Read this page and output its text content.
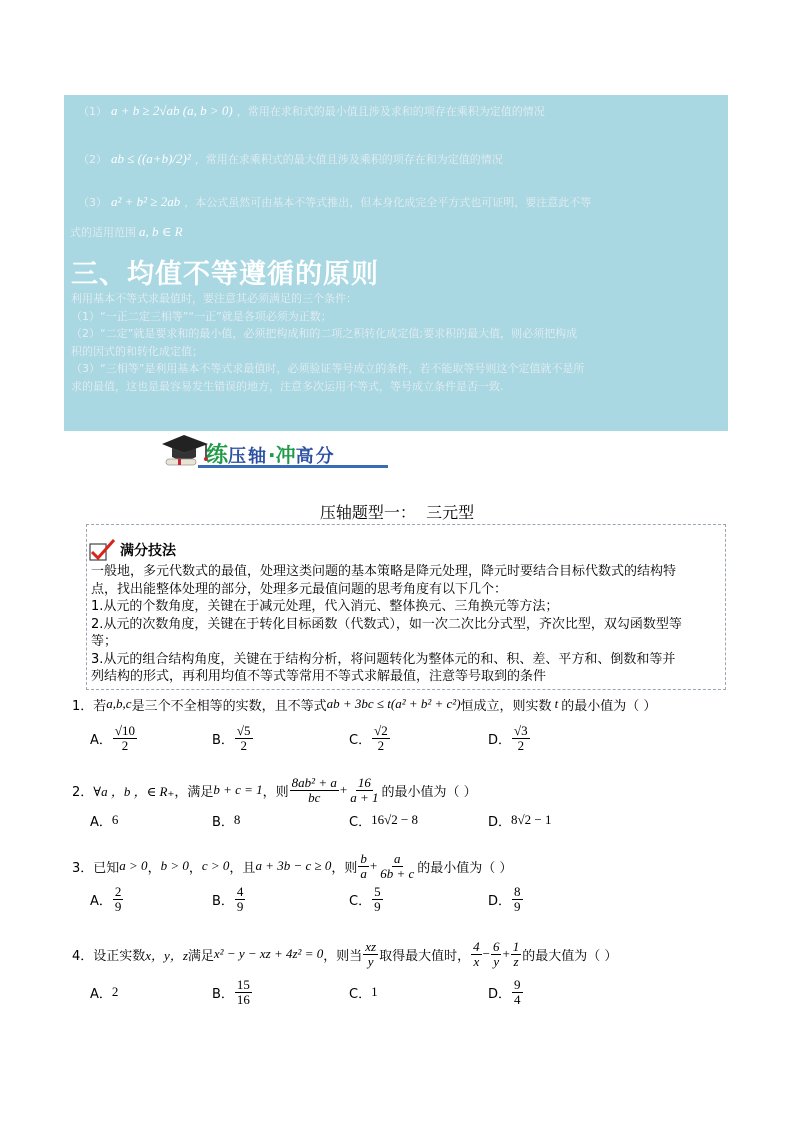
（1） a + b ≥ 2√ab (a, b > 0) ，常用在求和式的最小值且涉及求和的项存在乘积为定值的情况
（2） ab ≤ ((a+b)/2)² ，常用在求乘积式的最大值且涉及乘积的项存在和为定值的情况
（3） a² + b² ≥ 2ab ，本公式虽然可由基本不等式推出，但本身化成完全平方式也可证明，要注意此不等
式的适用范围 a, b ∈ R
三、均值不等遵循的原则
利用基本不等式求最值时，要注意其必须满足的三个条件：
（1）“一正二定三相等”“一正”就是各项必须为正数；
（2）“二定”就是要求和的最小值，必须把构成和的二项之积转化成定值;要求积的最大值，则必须把构成
积的因式的和转化成定值；
（3）“三相等”是利用基本不等式求最值时，必须验证等号成立的条件，若不能取等号则这个定值就不是所
求的最值，这也是最容易发生错误的地方，注意多次运用不等式，等号成立条件是否一致.
练压轴·冲高分
压轴题型一：  三元型
满分技法
一般地，多元代数式的最值，处理这类问题的基本策略是降元处理，降元时要结合目标代数式的结构特
点，找出能整体处理的部分，处理多元最值问题的思考角度有以下几个：
1.从元的个数角度，关键在于减元处理，代入消元、整体换元、三角换元等方法；
2.从元的次数角度，关键在于转化目标函数（代数式），如一次二次比分式型，齐次比型，双勾函数型等
等；
3.从元的组合结构角度，关键在于结构分析，将问题转化为整体元的和、积、差、平方和、倒数和等并
列结构的形式，再利用均值不等式等常用不等式求解最值，注意等号取到的条件
1．若 a,b,c 是三个不全相等的实数，且不等式 ab + 3bc ≤ t(a² + b² + c²) 恒成立，则实数 t 的最小值为（ ）
A． $\frac{√10}{2}$	B． $\frac{√5}{2}$	C． $\frac{√2}{2}$	D． $\frac{√3}{2}$
2． ∀a ，b ，∈ R₊ ，满足 b + c = 1 ，则 $\frac{\text{8ab² + a}}{bc} + \frac{16}{a + 1}$ 的最小值为（ ）
A． 6	B． 8	C． 16√2 − 8	D． 8√2 − 1
3．已知 a > 0 ， b > 0 ， c > 0 ，且 a + 3b − c ≥ 0 ，则 $\frac{b}{a} + \frac{a}{6b + c}$ 的最小值为（ ）
A． $\frac{2}{9}$	B． $\frac{4}{9}$	C． $\frac{5}{9}$	D． $\frac{8}{9}$
4．设正实数 x，y，z 满足 x² − y − xz + 4z² = 0 ，则当 $\frac{xz}{y}$ 取得最大值时， $\frac{4}{x} - \frac{6}{y} + \frac{1}{z}$ 的最大值为（ ）
A． 2	B． $\frac{15}{16}$	C． 1	D． $\frac{9}{4}$
